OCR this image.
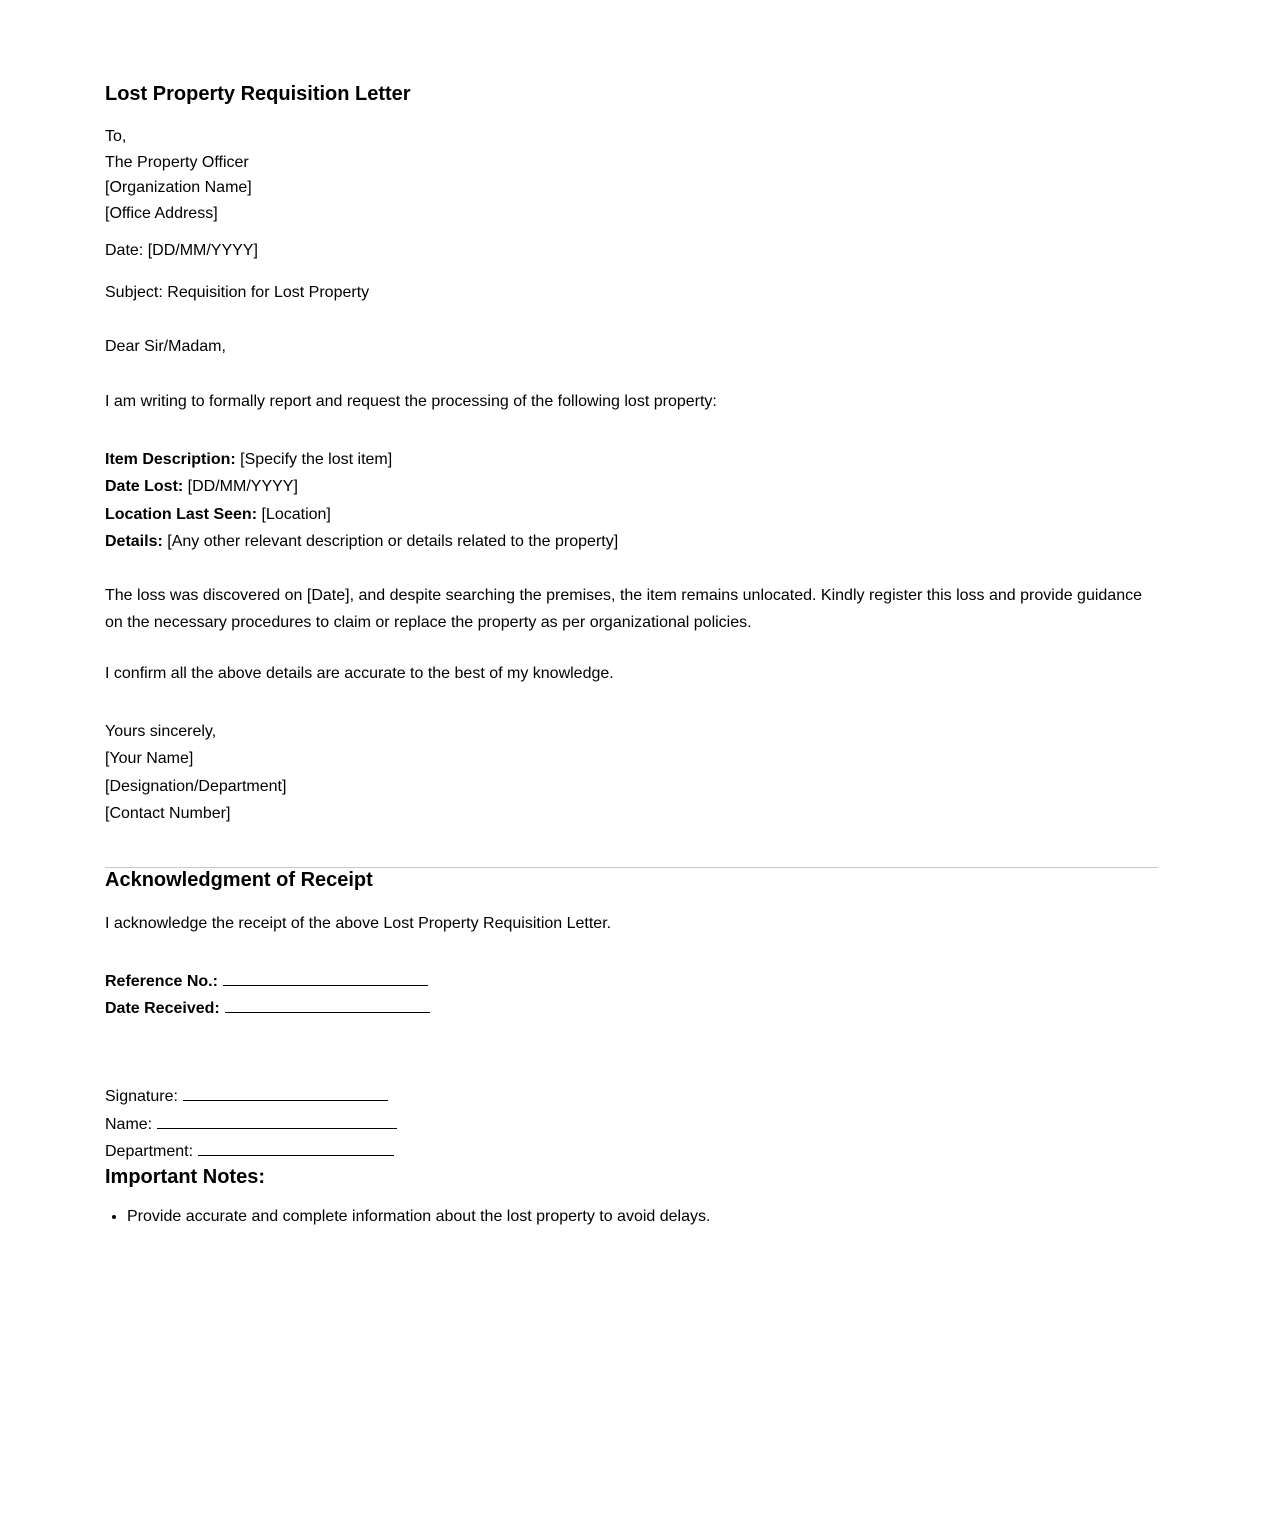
Lost Property Requisition Letter
To,
The Property Officer
[Organization Name]
[Office Address]
Date: [DD/MM/YYYY]
Subject: Requisition for Lost Property
Dear Sir/Madam,
I am writing to formally report and request the processing of the following lost property:
Item Description: [Specify the lost item]
Date Lost: [DD/MM/YYYY]
Location Last Seen: [Location]
Details: [Any other relevant description or details related to the property]
The loss was discovered on [Date], and despite searching the premises, the item remains unlocated. Kindly register this loss and provide guidance on the necessary procedures to claim or replace the property as per organizational policies.
I confirm all the above details are accurate to the best of my knowledge.
Yours sincerely,
[Your Name]
[Designation/Department]
[Contact Number]
Acknowledgment of Receipt
I acknowledge the receipt of the above Lost Property Requisition Letter.
Reference No.:
Date Received:
Signature:
Name:
Department:
Important Notes:
• Provide accurate and complete information about the lost property to avoid delays.
